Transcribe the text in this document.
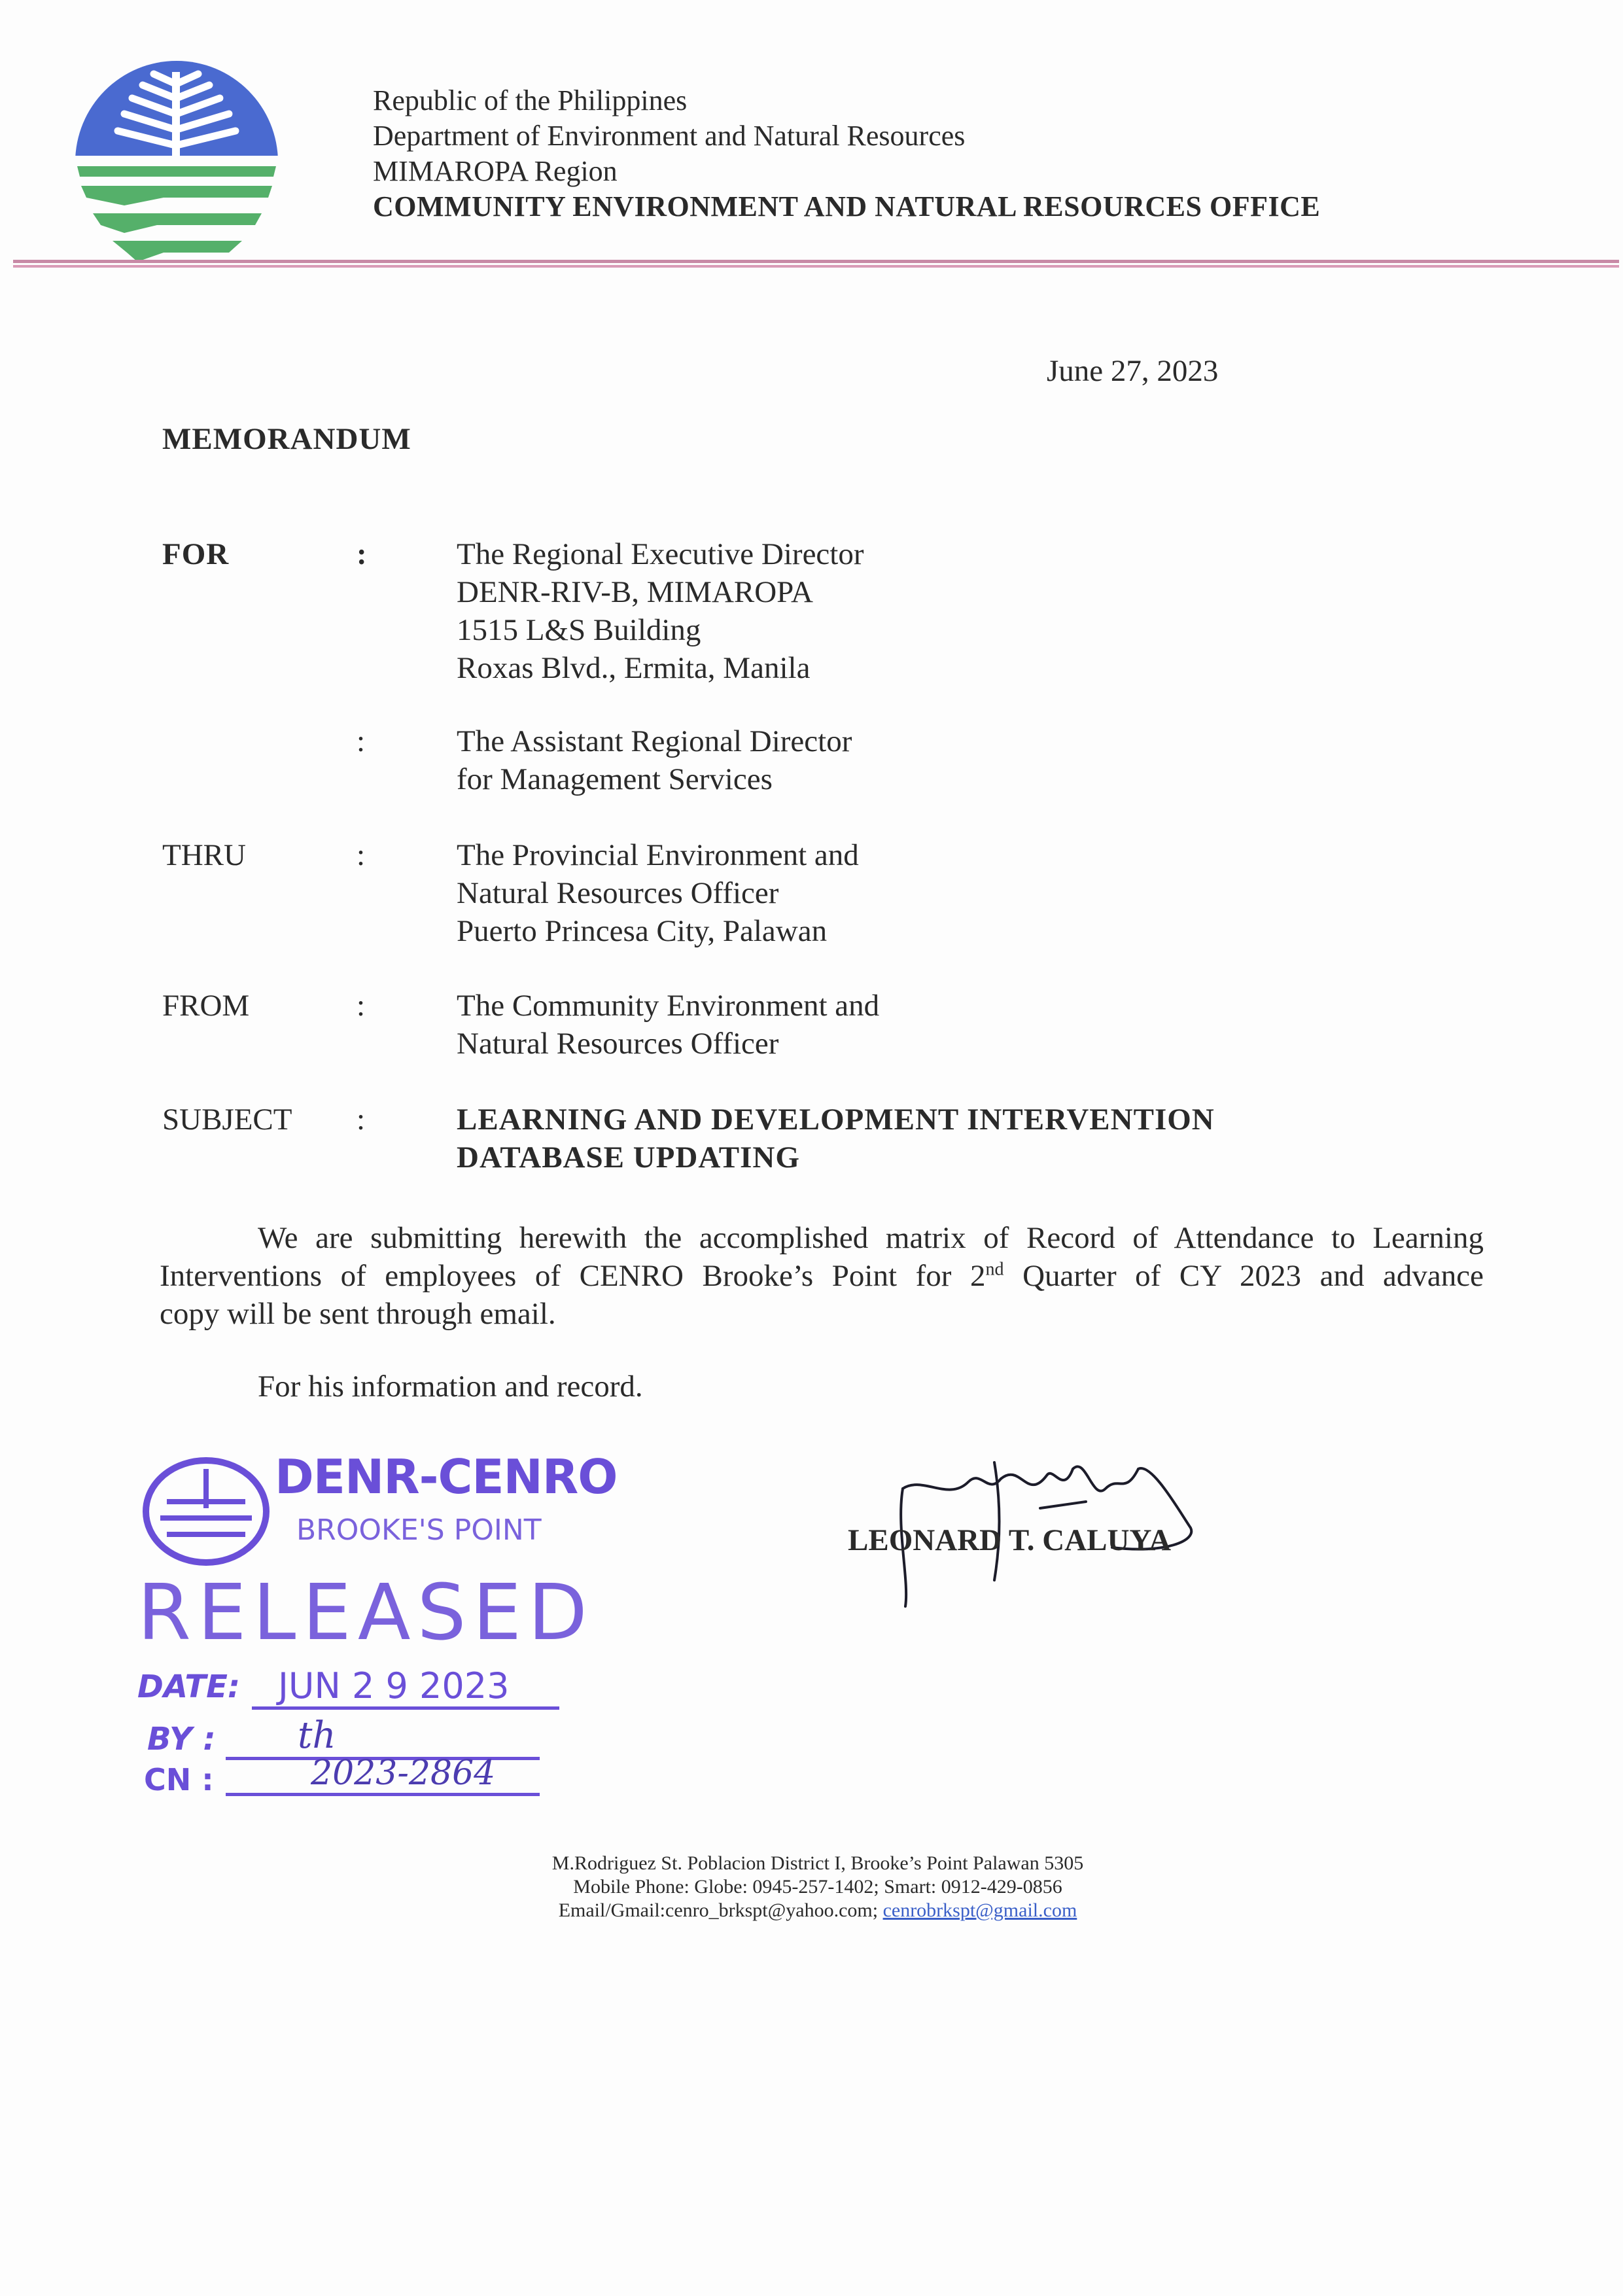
Republic of the Philippines
Department of Environment and Natural Resources
MIMAROPA Region
COMMUNITY ENVIRONMENT AND NATURAL RESOURCES OFFICE
June 27, 2023
MEMORANDUM
FOR	:	The Regional Executive Director
DENR-RIV-B, MIMAROPA
1515 L&S Building
Roxas Blvd., Ermita, Manila
:	The Assistant Regional Director
for Management Services
THRU	:	The Provincial Environment and
Natural Resources Officer
Puerto Princesa City, Palawan
FROM	:	The Community Environment and
Natural Resources Officer
SUBJECT :	LEARNING AND DEVELOPMENT INTERVENTION
DATABASE UPDATING
We are submitting herewith the accomplished matrix of Record of Attendance to Learning
Interventions of employees of CENRO Brooke’s Point for 2nd Quarter of CY 2023 and advance
copy will be sent through email.
For his information and record.
LEONARD T. CALUYA
DENR-CENRO
BROOKE'S POINT
RELEASED
DATE:	JUN 2 9 2023
BY :	th
CN :	2023-2864
M.Rodriguez St. Poblacion District I, Brooke’s Point Palawan 5305
Mobile Phone: Globe: 0945-257-1402; Smart: 0912-429-0856
Email/Gmail:cenro_brkspt@yahoo.com; cenrobrkspt@gmail.com
